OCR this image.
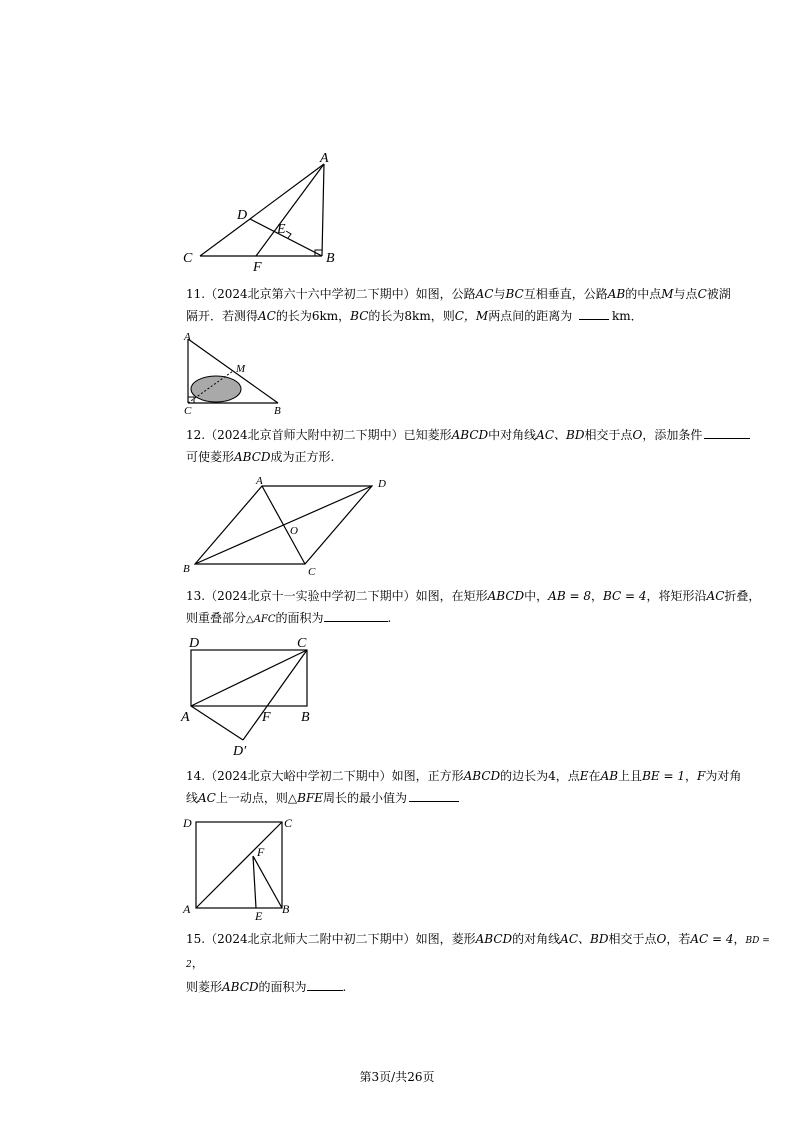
A
D
E
C	B
F
11.（2024北京第六十六中学初二下期中）如图，公路AC与BC互相垂直，公路AB的中点M与点C被湖
隔开．若测得AC的长为6km，BC的长为8km，则C，M两点间的距离为	km．
A
M
C	B
12.（2024北京首师大附中初二下期中）已知菱形ABCD中对角线AC、BD相交于点O，添加条件
可使菱形ABCD成为正方形.
A	D
O
B	C
13.（2024北京十一实验中学初二下期中）如图，在矩形ABCD中，AB = 8，BC = 4，将矩形沿AC折叠，
则重叠部分△AFC的面积为	.
D	C
A	F B
D′
14.（2024北京大峪中学初二下期中）如图，正方形ABCD的边长为4，点E在AB上且BE = 1，F为对角
线AC上一动点，则△BFE周长的最小值为
D	C
F
A	E B
15.（2024北京北师大二附中初二下期中）如图，菱形ABCD的对角线AC、BD相交于点O，若AC = 4，BD = 2，
则菱形ABCD的面积为	.
第3页/共26页
